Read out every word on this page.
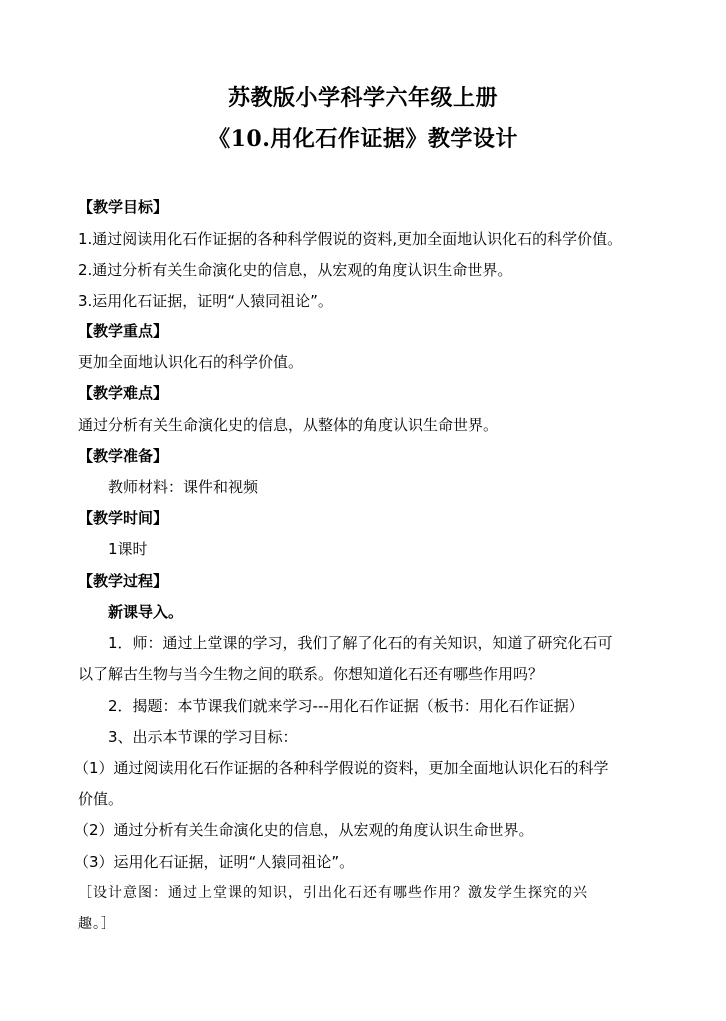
苏教版小学科学六年级上册
《10.用化石作证据》教学设计
【教学目标】
1.通过阅读用化石作证据的各种科学假说的资料,更加全面地认识化石的科学价值。
2.通过分析有关生命演化史的信息，从宏观的角度认识生命世界。
3.运用化石证据，证明“人猿同祖论”。
【教学重点】
更加全面地认识化石的科学价值。
【教学难点】
通过分析有关生命演化史的信息，从整体的角度认识生命世界。
【教学准备】
教师材料：课件和视频
【教学时间】
1课时
【教学过程】
新课导入。
1．师：通过上堂课的学习，我们了解了化石的有关知识，知道了研究化石可
以了解古生物与当今生物之间的联系。你想知道化石还有哪些作用吗？
2．揭题：本节课我们就来学习---用化石作证据（板书：用化石作证据）
3、出示本节课的学习目标：
（1）通过阅读用化石作证据的各种科学假说的资料，更加全面地认识化石的科学
价值。
（2）通过分析有关生命演化史的信息，从宏观的角度认识生命世界。
（3）运用化石证据，证明“人猿同祖论”。
［设计意图：通过上堂课的知识，引出化石还有哪些作用？激发学生探究的兴
趣。］
